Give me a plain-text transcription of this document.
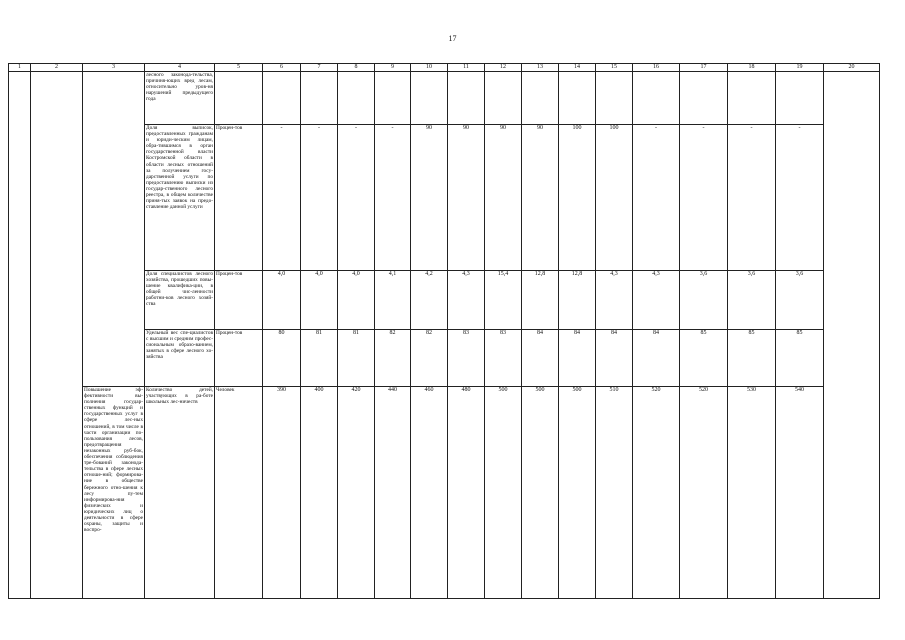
17
1	2	3	4	5	6	7	8	9	10	11	12	13	14	15	16	17	18	19	20
			лесного законода-тельства, причиня-ющих вред лесам, относительно уров-ня нарушений предыдущего года																
			Доля выписок, предоставленных гражданам и юриди-ческим лицам, обра-тившимся в орган государственной власти Костромской области в области лесных отношений за получением госу-дарственной услуги по предоставлению выписки из государ-ственного лесного реестра, в общем количестве приня-тых заявок на предо-ставление данной услуги	Процен-тов	-	-	-	-	90	90	90	90	100	100	-	-	-	-	
			Доля специалистов лесного хозяйства, прошедших повы-шение квалифика-ции, в общей чис-ленности работни-ков лесного хозяй-ства	Процен-тов	4,0	4,0	4,0	4,1	4,2	4,3	15,4	12,8	12,8	4,3	4,3	3,6	3,6	3,6	
			Удельный вес спе-циалистов с высшим и средним профес-сиональным образо-ванием, занятых в сфере лесного хо-зяйства	Процен-тов	80	81	81	82	82	83	83	84	84	84	84	85	85	85	
		Повышение эф-фективности вы-полнения государ-ственных функций и государственных услуг в сфере лес-ных отношений, в том числе в части организации по-пользования лесов, предотвращения незаконных руб-бок, обеспечения соблюдения тре-бований законода-тельства в сфере лесных отноше-ний; формирова-ние в обществе бережного отно-шения к лесу пу-тем информирова-ния физических и юридических лиц о деятельности в сфере охраны, защиты и воспро-	Количество детей, участвующих в ра-боте школьных лес-ничеств	Человек	390	400	420	440	460	480	500	500	500	510	520	520	530	540	
